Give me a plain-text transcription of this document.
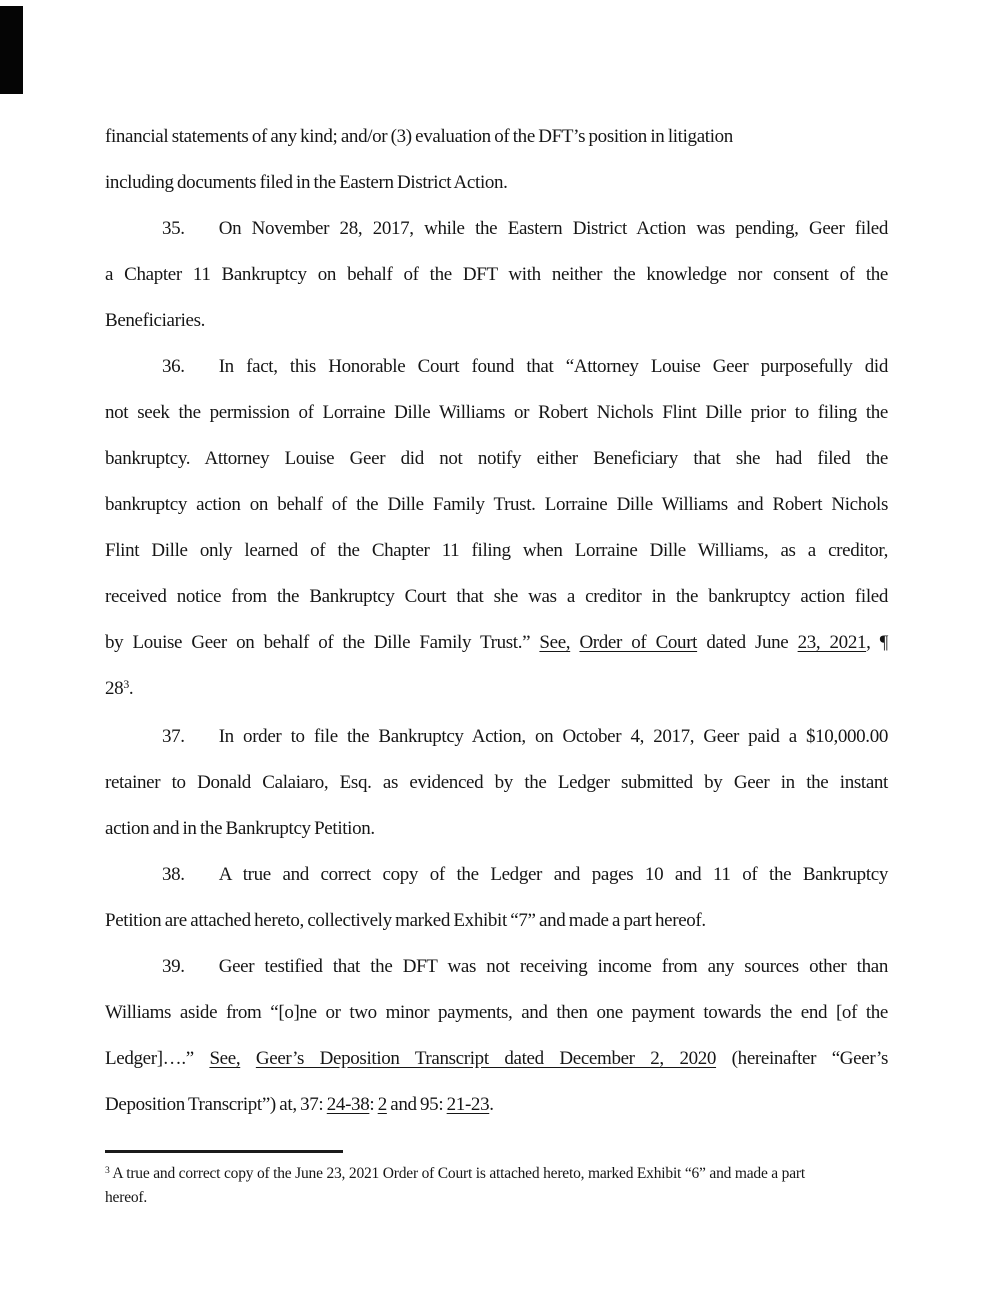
financial statements of any kind; and/or (3) evaluation of the DFT’s position in litigation
including documents filed in the Eastern District Action.
35. On November 28, 2017, while the Eastern District Action was pending, Geer filed
a Chapter 11 Bankruptcy on behalf of the DFT with neither the knowledge nor consent of the
Beneficiaries.
36. In fact, this Honorable Court found that “Attorney Louise Geer purposefully did
not seek the permission of Lorraine Dille Williams or Robert Nichols Flint Dille prior to filing the
bankruptcy. Attorney Louise Geer did not notify either Beneficiary that she had filed the
bankruptcy action on behalf of the Dille Family Trust. Lorraine Dille Williams and Robert Nichols
Flint Dille only learned of the Chapter 11 filing when Lorraine Dille Williams, as a creditor,
received notice from the Bankruptcy Court that she was a creditor in the bankruptcy action filed
by Louise Geer on behalf of the Dille Family Trust.” See, Order of Court dated June 23, 2021, ¶
$28^3$.
37. In order to file the Bankruptcy Action, on October 4, 2017, Geer paid a $10,000.00
retainer to Donald Calaiaro, Esq. as evidenced by the Ledger submitted by Geer in the instant
action and in the Bankruptcy Petition.
38. A true and correct copy of the Ledger and pages 10 and 11 of the Bankruptcy
Petition are attached hereto, collectively marked Exhibit “7” and made a part hereof.
39. Geer testified that the DFT was not receiving income from any sources other than
Williams aside from “[o]ne or two minor payments, and then one payment towards the end [of the
Ledger]….” See, Geer’s Deposition Transcript dated December 2, 2020 (hereinafter “Geer’s
Deposition Transcript”) at, 37: 24-38: 2 and 95: 21-23.
$^3$ A true and correct copy of the June 23, 2021 Order of Court is attached hereto, marked Exhibit “6” and made a part
hereof.
